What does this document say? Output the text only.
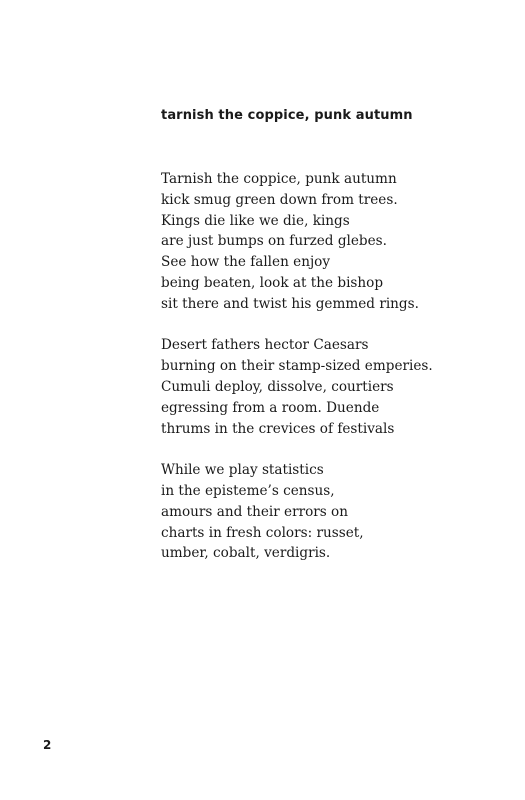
tarnish the coppice, punk autumn

Tarnish the coppice, punk autumn
kick smug green down from trees.
Kings die like we die, kings
are just bumps on furzed glebes.
See how the fallen enjoy
being beaten, look at the bishop
sit there and twist his gemmed rings.

Desert fathers hector Caesars
burning on their stamp-sized emperies.
Cumuli deploy, dissolve, courtiers
egressing from a room. Duende
thrums in the crevices of festivals

While we play statistics
in the episteme’s census,
amours and their errors on
charts in fresh colors: russet,
umber, cobalt, verdigris.

2
